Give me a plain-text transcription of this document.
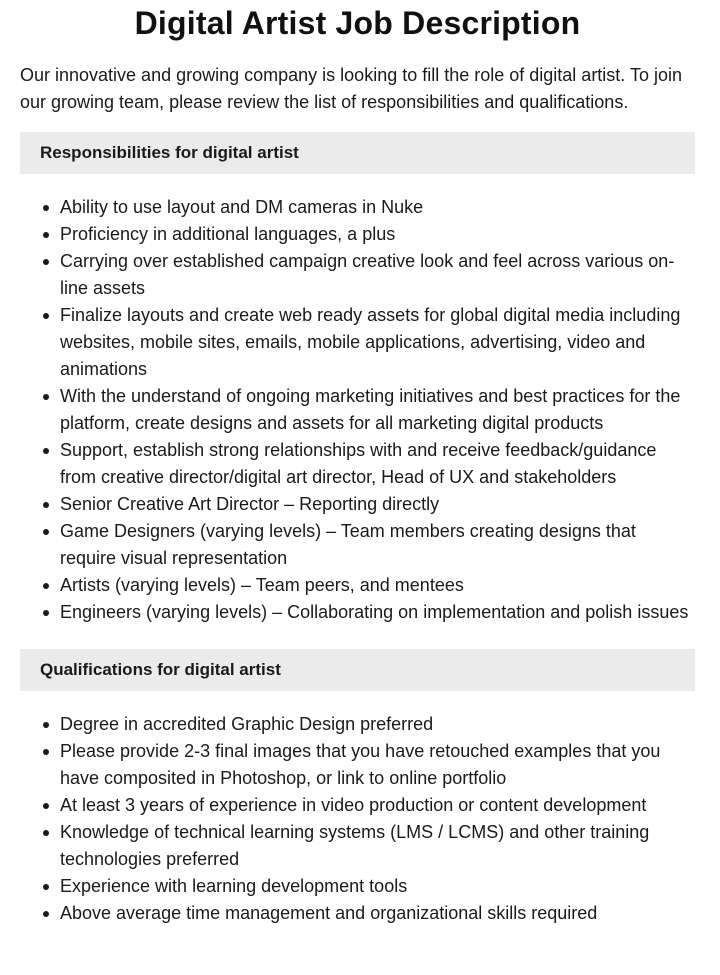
Digital Artist Job Description

Our innovative and growing company is looking to fill the role of digital artist. To join our growing team, please review the list of responsibilities and qualifications.

Responsibilities for digital artist
Ability to use layout and DM cameras in Nuke
Proficiency in additional languages, a plus
Carrying over established campaign creative look and feel across various on-line assets
Finalize layouts and create web ready assets for global digital media including websites, mobile sites, emails, mobile applications, advertising, video and animations
With the understand of ongoing marketing initiatives and best practices for the platform, create designs and assets for all marketing digital products
Support, establish strong relationships with and receive feedback/guidance from creative director/digital art director, Head of UX and stakeholders
Senior Creative Art Director – Reporting directly
Game Designers (varying levels) – Team members creating designs that require visual representation
Artists (varying levels) – Team peers, and mentees
Engineers (varying levels) – Collaborating on implementation and polish issues
Qualifications for digital artist
Degree in accredited Graphic Design preferred
Please provide 2-3 final images that you have retouched examples that you have composited in Photoshop, or link to online portfolio
At least 3 years of experience in video production or content development
Knowledge of technical learning systems (LMS / LCMS) and other training technologies preferred
Experience with learning development tools
Above average time management and organizational skills required
